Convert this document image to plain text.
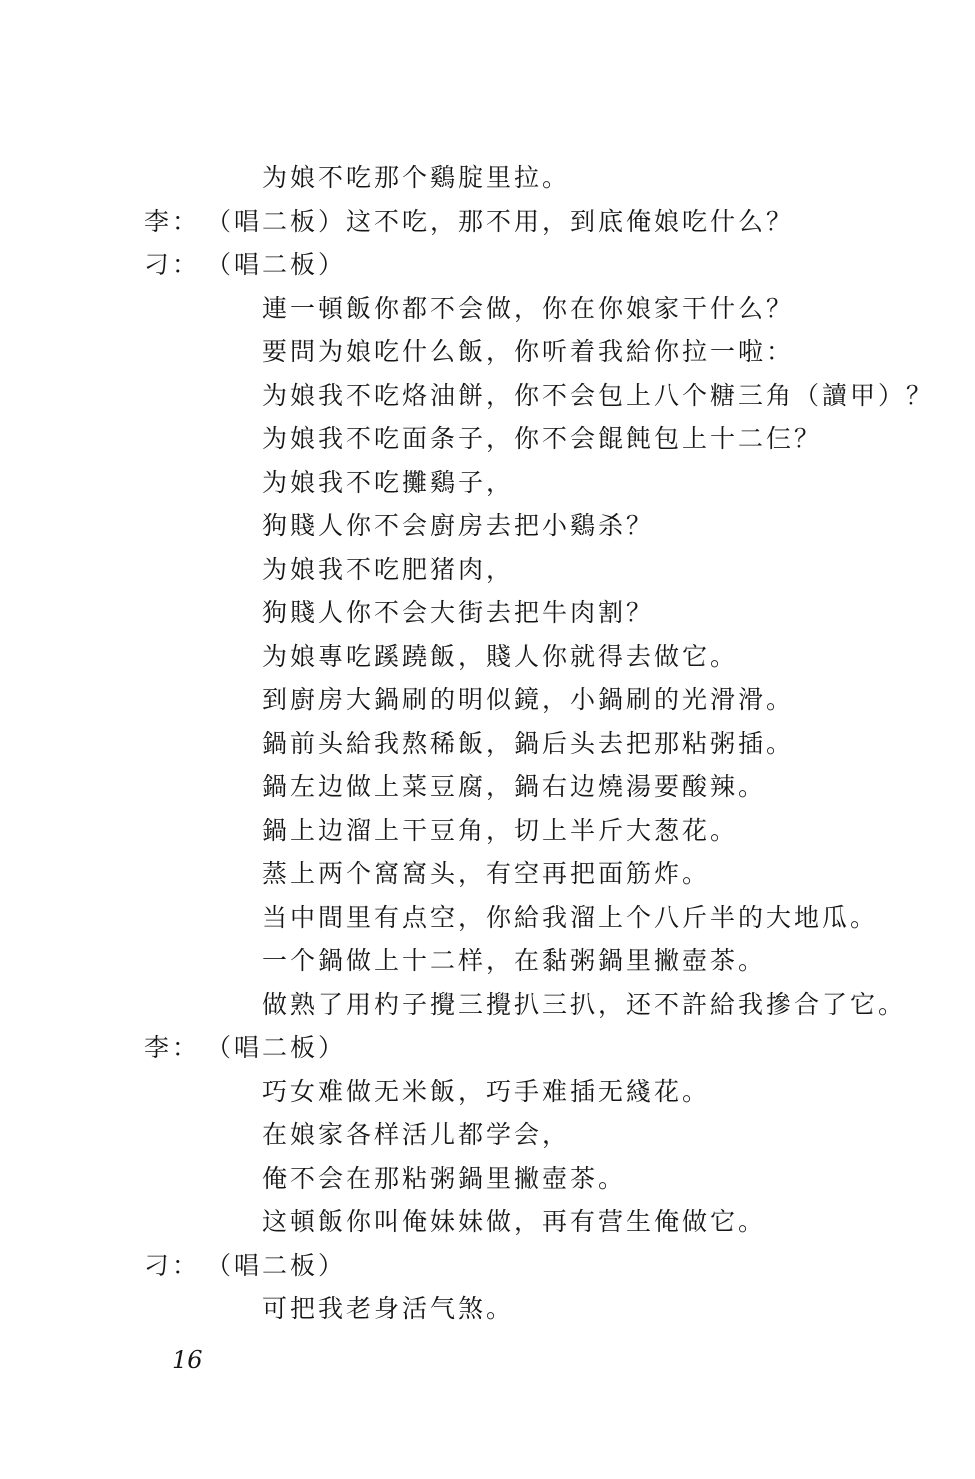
为娘不吃那个鷄腚里拉。
李： （唱二板）这不吃，那不用，到底俺娘吃什么？
刁： （唱二板）
連一頓飯你都不会做，你在你娘家干什么？
要問为娘吃什么飯，你听着我給你拉一啦：
为娘我不吃烙油餅，你不会包上八个糖三角（讀甲）？
为娘我不吃面条子，你不会餛飩包上十二仨？
为娘我不吃攤鷄子，
狗賤人你不会廚房去把小鷄杀？
为娘我不吃肥猪肉，
狗賤人你不会大街去把牛肉割？
为娘專吃蹊蹺飯，賤人你就得去做它。
到廚房大鍋刷的明似鏡，小鍋刷的光滑滑。
鍋前头給我熬稀飯，鍋后头去把那粘粥插。
鍋左边做上菜豆腐，鍋右边燒湯要酸辣。
鍋上边溜上干豆角，切上半斤大葱花。
蒸上两个窩窩头，有空再把面筋炸。
当中間里有点空，你給我溜上个八斤半的大地瓜。
一个鍋做上十二样，在黏粥鍋里撇壺茶。
做熟了用杓子攪三攪扒三扒，还不許給我摻合了它。
李： （唱二板）
巧女难做无米飯，巧手难插无綫花。
在娘家各样活儿都学会，
俺不会在那粘粥鍋里撇壺茶。
这頓飯你叫俺妹妹做，再有营生俺做它。
刁： （唱二板）
可把我老身活气煞。
16
